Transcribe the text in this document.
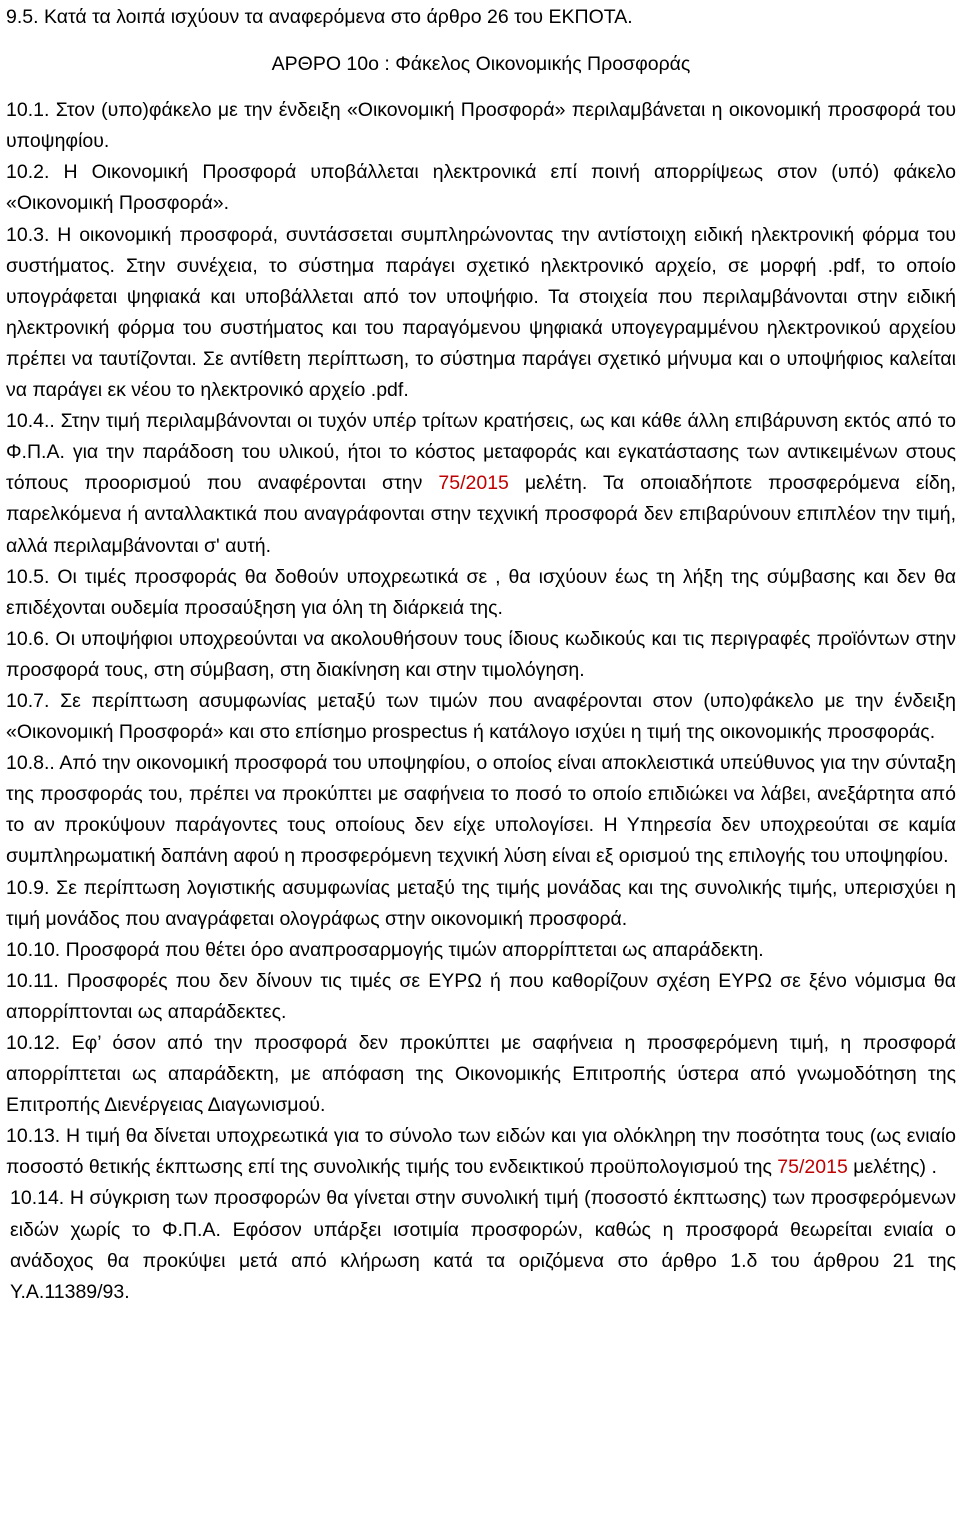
9.5. Κατά τα λοιπά ισχύουν τα αναφερόμενα στο άρθρο 26 του ΕΚΠΟΤΑ.

ΑΡΘΡΟ 10ο : Φάκελος Οικονομικής Προσφοράς

10.1. Στον (υπο)φάκελο με την ένδειξη «Οικονομική Προσφορά» περιλαμβάνεται η οικονομική προσφορά του υποψηφίου.

10.2. Η Οικονομική Προσφορά υποβάλλεται ηλεκτρονικά επί ποινή απορρίψεως στον (υπό) φάκελο «Οικονομική Προσφορά».

10.3. Η οικονομική προσφορά, συντάσσεται συμπληρώνοντας την αντίστοιχη ειδική ηλεκτρονική φόρμα του συστήματος. Στην συνέχεια, το σύστημα παράγει σχετικό ηλεκτρονικό αρχείο, σε μορφή .pdf, το οποίο υπογράφεται ψηφιακά και υποβάλλεται από τον υποψήφιο. Τα στοιχεία που περιλαμβάνονται στην ειδική ηλεκτρονική φόρμα του συστήματος και του παραγόμενου ψηφιακά υπογεγραμμένου ηλεκτρονικού αρχείου πρέπει να ταυτίζονται. Σε αντίθετη περίπτωση, το σύστημα παράγει σχετικό μήνυμα και ο υποψήφιος καλείται να παράγει εκ νέου το ηλεκτρονικό αρχείο .pdf.

10.4.. Στην τιμή περιλαμβάνονται οι τυχόν υπέρ τρίτων κρατήσεις, ως και κάθε άλλη επιβάρυνση εκτός από το Φ.Π.Α. για την παράδοση του υλικού, ήτοι το κόστος μεταφοράς και εγκατάστασης των αντικειμένων στους τόπους προορισμού που αναφέρονται στην 75/2015 μελέτη. Τα οποιαδήποτε προσφερόμενα είδη, παρελκόμενα ή ανταλλακτικά που αναγράφονται στην τεχνική προσφορά δεν επιβαρύνουν επιπλέον την τιμή, αλλά περιλαμβάνονται σ' αυτή.

10.5. Οι τιμές προσφοράς θα δοθούν υποχρεωτικά σε , θα ισχύουν έως τη λήξη της σύμβασης και δεν θα επιδέχονται ουδεμία προσαύξηση για όλη τη διάρκειά της.

10.6. Οι υποψήφιοι υποχρεούνται να ακολουθήσουν τους ίδιους κωδικούς και τις περιγραφές προϊόντων στην προσφορά τους, στη σύμβαση, στη διακίνηση και στην τιμολόγηση.

10.7. Σε περίπτωση ασυμφωνίας μεταξύ των τιμών που αναφέρονται στον (υπο)φάκελο με την ένδειξη «Οικονομική Προσφορά» και στο επίσημο prospectus ή κατάλογο ισχύει η τιμή της οικονομικής προσφοράς.

10.8.. Από την οικονομική προσφορά του υποψηφίου, ο οποίος είναι αποκλειστικά υπεύθυνος για την σύνταξη της προσφοράς του, πρέπει να προκύπτει με σαφήνεια το ποσό το οποίο επιδιώκει να λάβει, ανεξάρτητα από το αν προκύψουν παράγοντες τους οποίους δεν είχε υπολογίσει. Η Υπηρεσία δεν υποχρεούται σε καμία συμπληρωματική δαπάνη αφού η προσφερόμενη τεχνική λύση είναι εξ ορισμού της επιλογής του υποψηφίου.

10.9. Σε περίπτωση λογιστικής ασυμφωνίας μεταξύ της τιμής μονάδας και της συνολικής τιμής, υπερισχύει η τιμή μονάδος που αναγράφεται ολογράφως στην οικονομική προσφορά.

10.10. Προσφορά που θέτει όρο αναπροσαρμογής τιμών απορρίπτεται ως απαράδεκτη.

10.11. Προσφορές που δεν δίνουν τις τιμές σε ΕΥΡΩ ή που καθορίζουν σχέση ΕΥΡΩ σε ξένο νόμισμα θα απορρίπτονται ως απαράδεκτες.

10.12. Εφ’ όσον από την προσφορά δεν προκύπτει με σαφήνεια η προσφερόμενη τιμή, η προσφορά απορρίπτεται ως απαράδεκτη, με απόφαση της Οικονομικής Επιτροπής ύστερα από γνωμοδότηση της Επιτροπής Διενέργειας Διαγωνισμού.

10.13. Η τιμή θα δίνεται υποχρεωτικά για το σύνολο των ειδών και για ολόκληρη την ποσότητα τους (ως ενιαίο ποσοστό θετικής έκπτωσης επί της συνολικής τιμής του ενδεικτικού προϋπολογισμού της 75/2015 μελέτης) .

10.14. Η σύγκριση των προσφορών θα γίνεται στην συνολική τιμή (ποσοστό έκπτωσης) των προσφερόμενων ειδών χωρίς το Φ.Π.Α. Εφόσον υπάρξει ισοτιμία προσφορών, καθώς η προσφορά θεωρείται ενιαία ο ανάδοχος θα προκύψει μετά από κλήρωση κατά τα οριζόμενα στο άρθρο 1.δ του άρθρου 21 της Υ.Α.11389/93.
